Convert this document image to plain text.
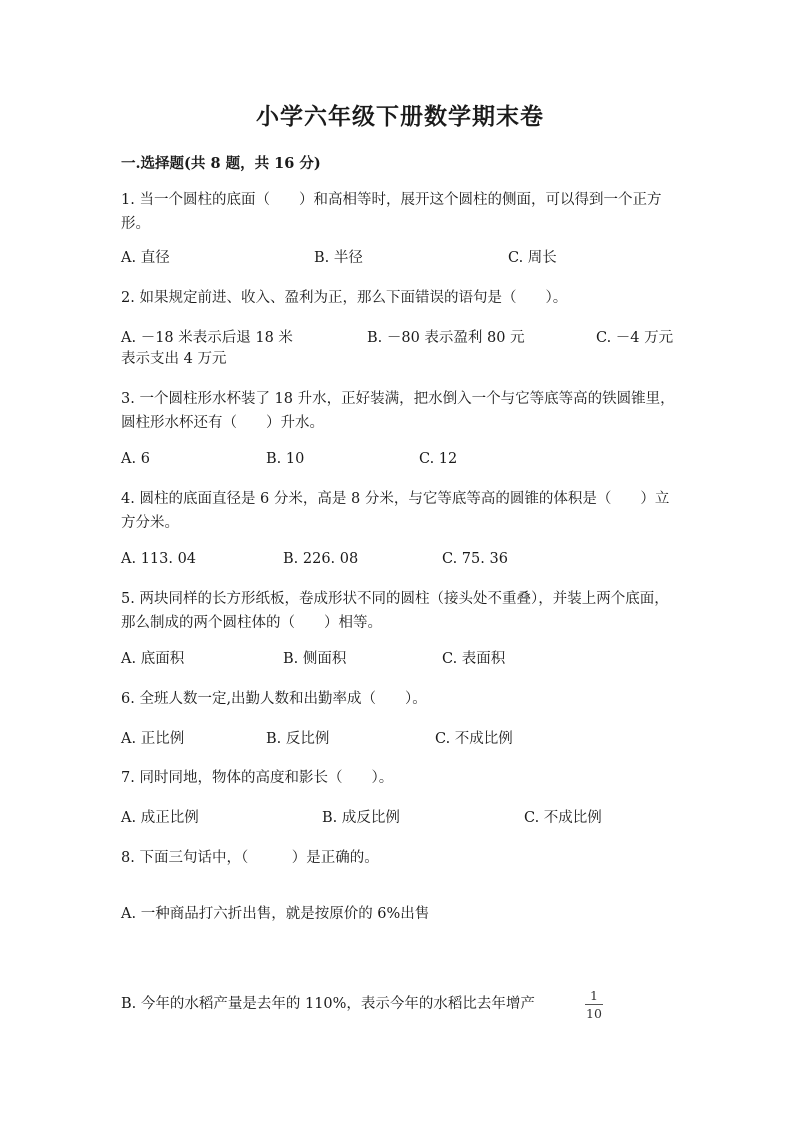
小学六年级下册数学期末卷
一.选择题(共 8 题，共 16 分)
1. 当一个圆柱的底面（　　）和高相等时，展开这个圆柱的侧面，可以得到一个正方形。
A. 直径	B. 半径	C. 周长
2. 如果规定前进、收入、盈利为正，那么下面错误的语句是（　　）。
A. －18 米表示后退 18 米	B. －80 表示盈利 80 元	C. －4 万元
表示支出 4 万元
3. 一个圆柱形水杯装了 18 升水，正好装满，把水倒入一个与它等底等高的铁圆锥里，圆柱形水杯还有（　　）升水。
A. 6	B. 10	C. 12
4. 圆柱的底面直径是 6 分米，高是 8 分米，与它等底等高的圆锥的体积是（　　）立方分米。
A. 113. 04	B. 226. 08	C. 75. 36
5. 两块同样的长方形纸板，卷成形状不同的圆柱（接头处不重叠），并装上两个底面，那么制成的两个圆柱体的（　　）相等。
A. 底面积	B. 侧面积	C. 表面积
6. 全班人数一定,出勤人数和出勤率成（　　）。
A. 正比例	B. 反比例	C. 不成比例
7. 同时同地，物体的高度和影长（　　）。
A. 成正比例	B. 成反比例	C. 不成比例
8. 下面三句话中，（　　　）是正确的。
A. 一种商品打六折出售，就是按原价的 6%出售
B. 今年的水稻产量是去年的 110%，表示今年的水稻比去年增产
1
10
